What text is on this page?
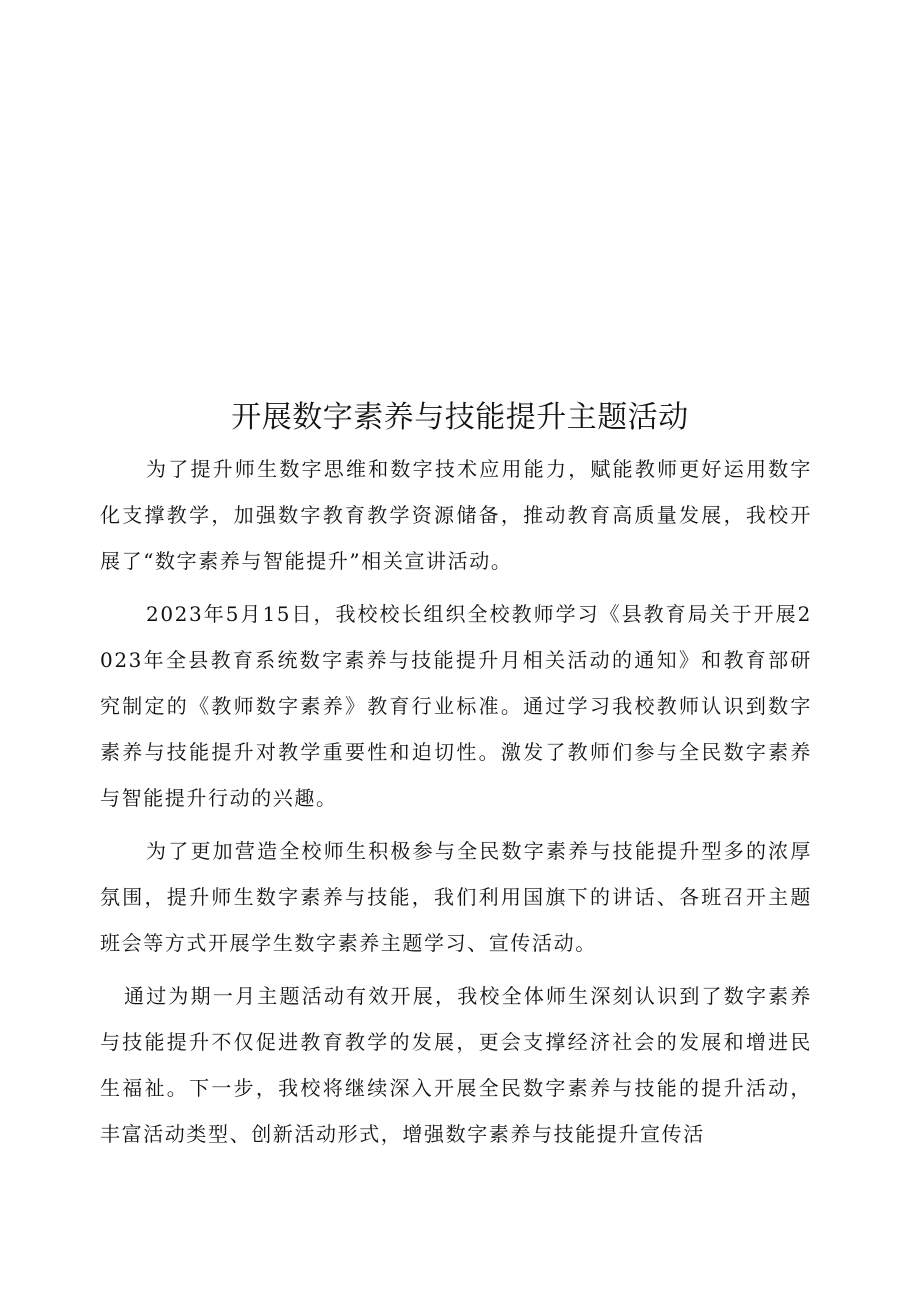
开展数字素养与技能提升主题活动

为了提升师生数字思维和数字技术应用能力，赋能教师更好运用数字化支撑教学，加强数字教育教学资源储备，推动教育高质量发展，我校开展了“数字素养与智能提升”相关宣讲活动。

2023年5月15日，我校校长组织全校教师学习《县教育局关于开展2023年全县教育系统数字素养与技能提升月相关活动的通知》和教育部研究制定的《教师数字素养》教育行业标准。通过学习我校教师认识到数字素养与技能提升对教学重要性和迫切性。激发了教师们参与全民数字素养与智能提升行动的兴趣。

为了更加营造全校师生积极参与全民数字素养与技能提升型多的浓厚氛围，提升师生数字素养与技能，我们利用国旗下的讲话、各班召开主题班会等方式开展学生数字素养主题学习、宣传活动。

通过为期一月主题活动有效开展，我校全体师生深刻认识到了数字素养与技能提升不仅促进教育教学的发展，更会支撑经济社会的发展和增进民生福祉。下一步，我校将继续深入开展全民数字素养与技能的提升活动，丰富活动类型、创新活动形式，增强数字素养与技能提升宣传活
